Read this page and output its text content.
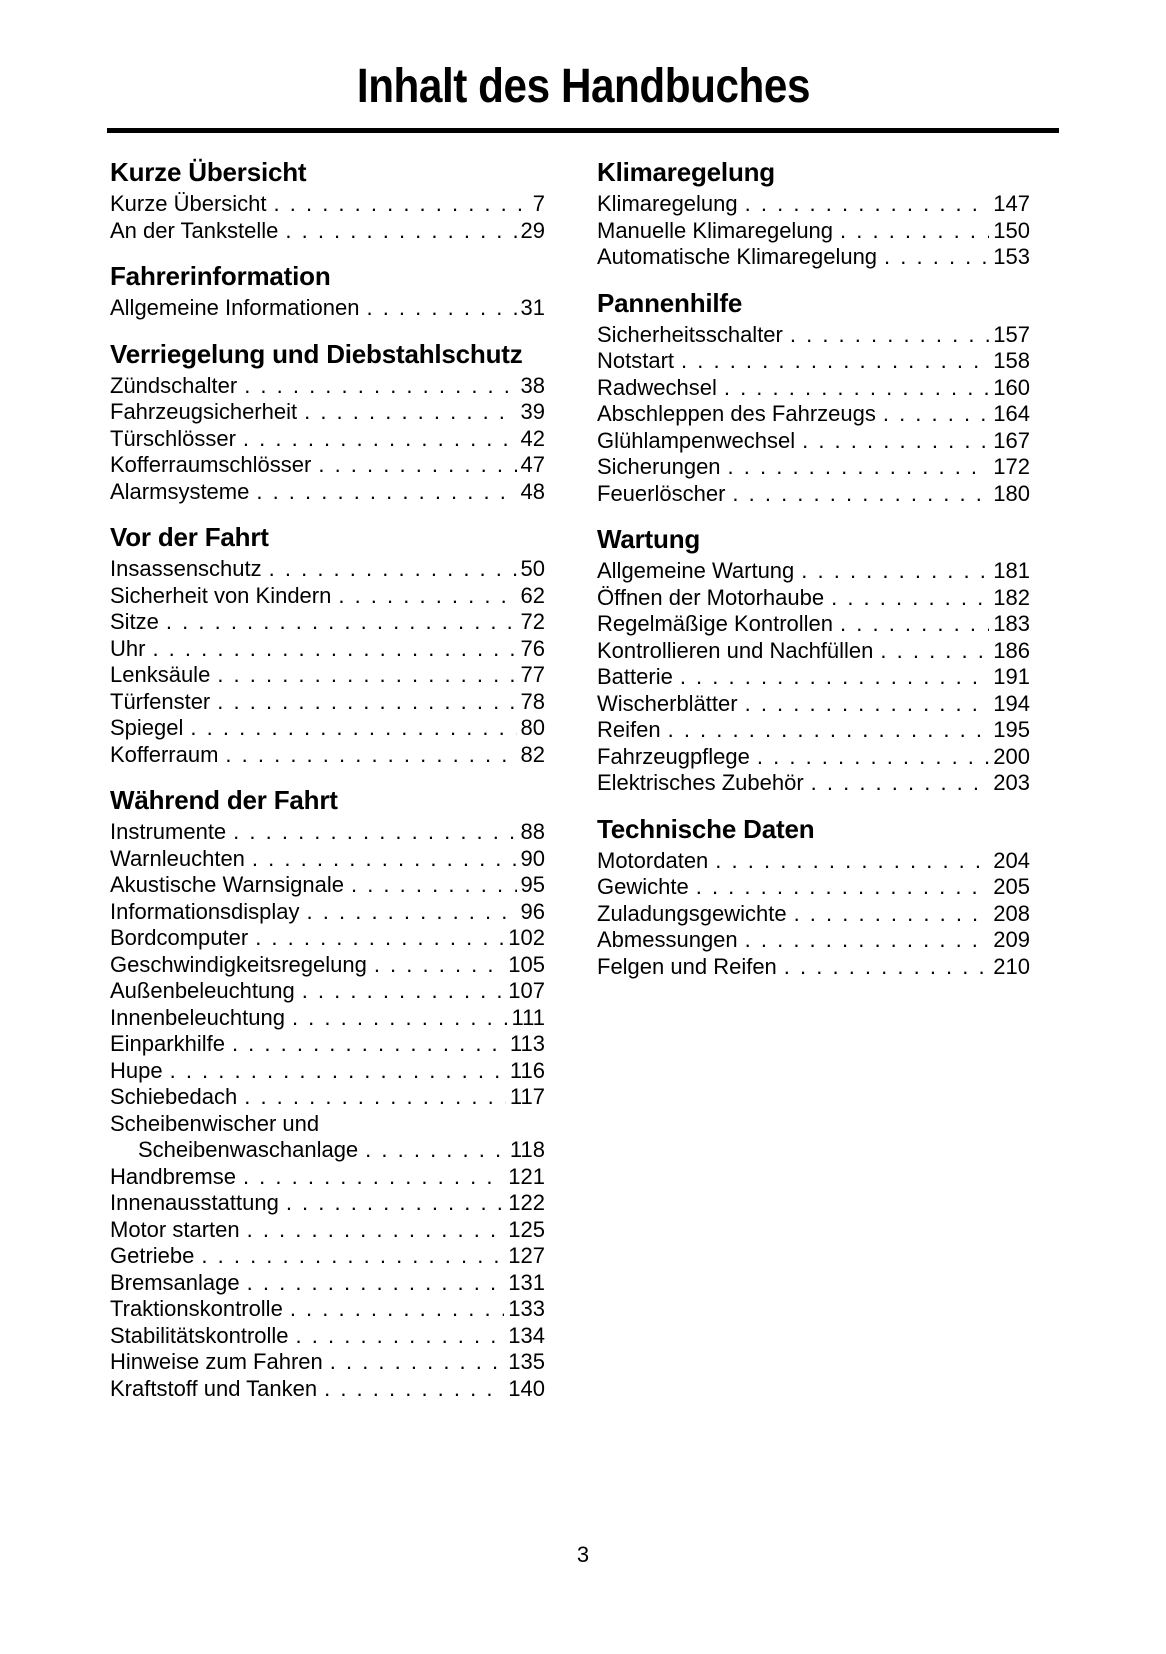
Inhalt des Handbuches
Kurze Übersicht
Kurze Übersicht . . .	7
An der Tankstelle . . .	29
Fahrerinformation
Allgemeine Informationen . . .	31
Verriegelung und Diebstahlschutz
Zündschalter . . .	38
Fahrzeugsicherheit . . .	39
Türschlösser . . .	42
Kofferraumschlösser . . .	47
Alarmsysteme . . .	48
Vor der Fahrt
Insassenschutz . . .	50
Sicherheit von Kindern . . .	62
Sitze . . .	72
Uhr . . .	76
Lenksäule . . .	77
Türfenster . . .	78
Spiegel . . .	80
Kofferraum . . .	82
Während der Fahrt
Instrumente . . .	88
Warnleuchten . . .	90
Akustische Warnsignale . . .	95
Informationsdisplay . . .	96
Bordcomputer . . .	102
Geschwindigkeitsregelung . . .	105
Außenbeleuchtung . . .	107
Innenbeleuchtung . . .	111
Einparkhilfe . . .	113
Hupe . . .	116
Schiebedach . . .	117
Scheibenwischer und
Scheibenwaschanlage . . .	118
Handbremse . . .	121
Innenausstattung . . .	122
Motor starten . . .	125
Getriebe . . .	127
Bremsanlage . . .	131
Traktionskontrolle . . .	133
Stabilitätskontrolle . . .	134
Hinweise zum Fahren . . .	135
Kraftstoff und Tanken . . .	140
Klimaregelung
Klimaregelung . . .	147
Manuelle Klimaregelung . . .	150
Automatische Klimaregelung . . .	153
Pannenhilfe
Sicherheitsschalter . . .	157
Notstart . . .	158
Radwechsel . . .	160
Abschleppen des Fahrzeugs . . .	164
Glühlampenwechsel . . .	167
Sicherungen . . .	172
Feuerlöscher . . .	180
Wartung
Allgemeine Wartung . . .	181
Öffnen der Motorhaube . . .	182
Regelmäßige Kontrollen . . .	183
Kontrollieren und Nachfüllen . . .	186
Batterie . . .	191
Wischerblätter . . .	194
Reifen . . .	195
Fahrzeugpflege . . .	200
Elektrisches Zubehör . . .	203
Technische Daten
Motordaten . . .	204
Gewichte . . .	205
Zuladungsgewichte . . .	208
Abmessungen . . .	209
Felgen und Reifen . . .	210
3
